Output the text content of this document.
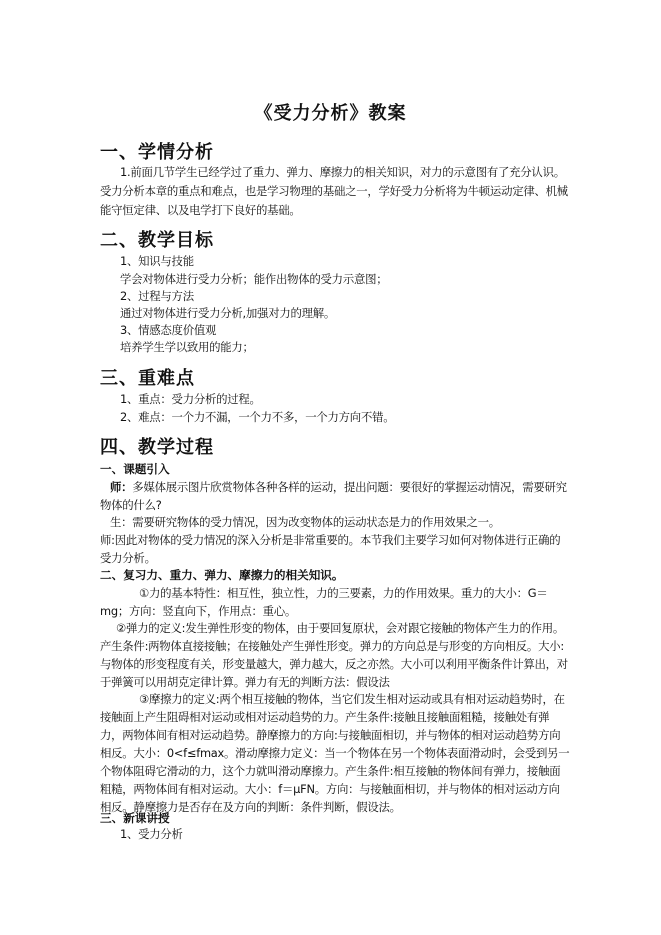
《受力分析》教案
一、学情分析
1.前面几节学生已经学过了重力、弹力、摩擦力的相关知识，对力的示意图有了充分认识。受力分析本章的重点和难点，也是学习物理的基础之一，学好受力分析将为牛顿运动定律、机械能守恒定律、以及电学打下良好的基础。
二、教学目标
1、知识与技能
学会对物体进行受力分析；能作出物体的受力示意图；
2、过程与方法
通过对物体进行受力分析,加强对力的理解。
3、情感态度价值观
培养学生学以致用的能力；
三、重难点
1、重点：受力分析的过程。
2、难点：一个力不漏，一个力不多，一个力方向不错。
四、教学过程
一、课题引入
师：多媒体展示图片欣赏物体各种各样的运动，提出问题：要很好的掌握运动情况，需要研究物体的什么?
生：需要研究物体的受力情况，因为改变物体的运动状态是力的作用效果之一。
师:因此对物体的受力情况的深入分析是非常重要的。本节我们主要学习如何对物体进行正确的受力分析。
二、复习力、重力、弹力、摩擦力的相关知识。
①力的基本特性：相互性，独立性，力的三要素，力的作用效果。重力的大小：G＝mg；方向：竖直向下，作用点：重心。
②弹力的定义:发生弹性形变的物体，由于要回复原状，会对跟它接触的物体产生力的作用。产生条件:两物体直接接触；在接触处产生弹性形变。弹力的方向总是与形变的方向相反。大小:与物体的形变程度有关，形变量越大，弹力越大，反之亦然。大小可以利用平衡条件计算出，对于弹簧可以用胡克定律计算。弹力有无的判断方法：假设法
③摩擦力的定义:两个相互接触的物体，当它们发生相对运动或具有相对运动趋势时，在接触面上产生阻碍相对运动或相对运动趋势的力。产生条件:接触且接触面粗糙，接触处有弹力，两物体间有相对运动趋势。静摩擦力的方向:与接触面相切，并与物体的相对运动趋势方向相反。大小：0<f≤fmax。滑动摩擦力定义：当一个物体在另一个物体表面滑动时，会受到另一个物体阻碍它滑动的力，这个力就叫滑动摩擦力。产生条件:相互接触的物体间有弹力，接触面粗糙，两物体间有相对运动。大小：f＝μFN。方向：与接触面相切，并与物体的相对运动方向相反。静摩擦力是否存在及方向的判断：条件判断，假设法。
三、新课讲授
1、受力分析
